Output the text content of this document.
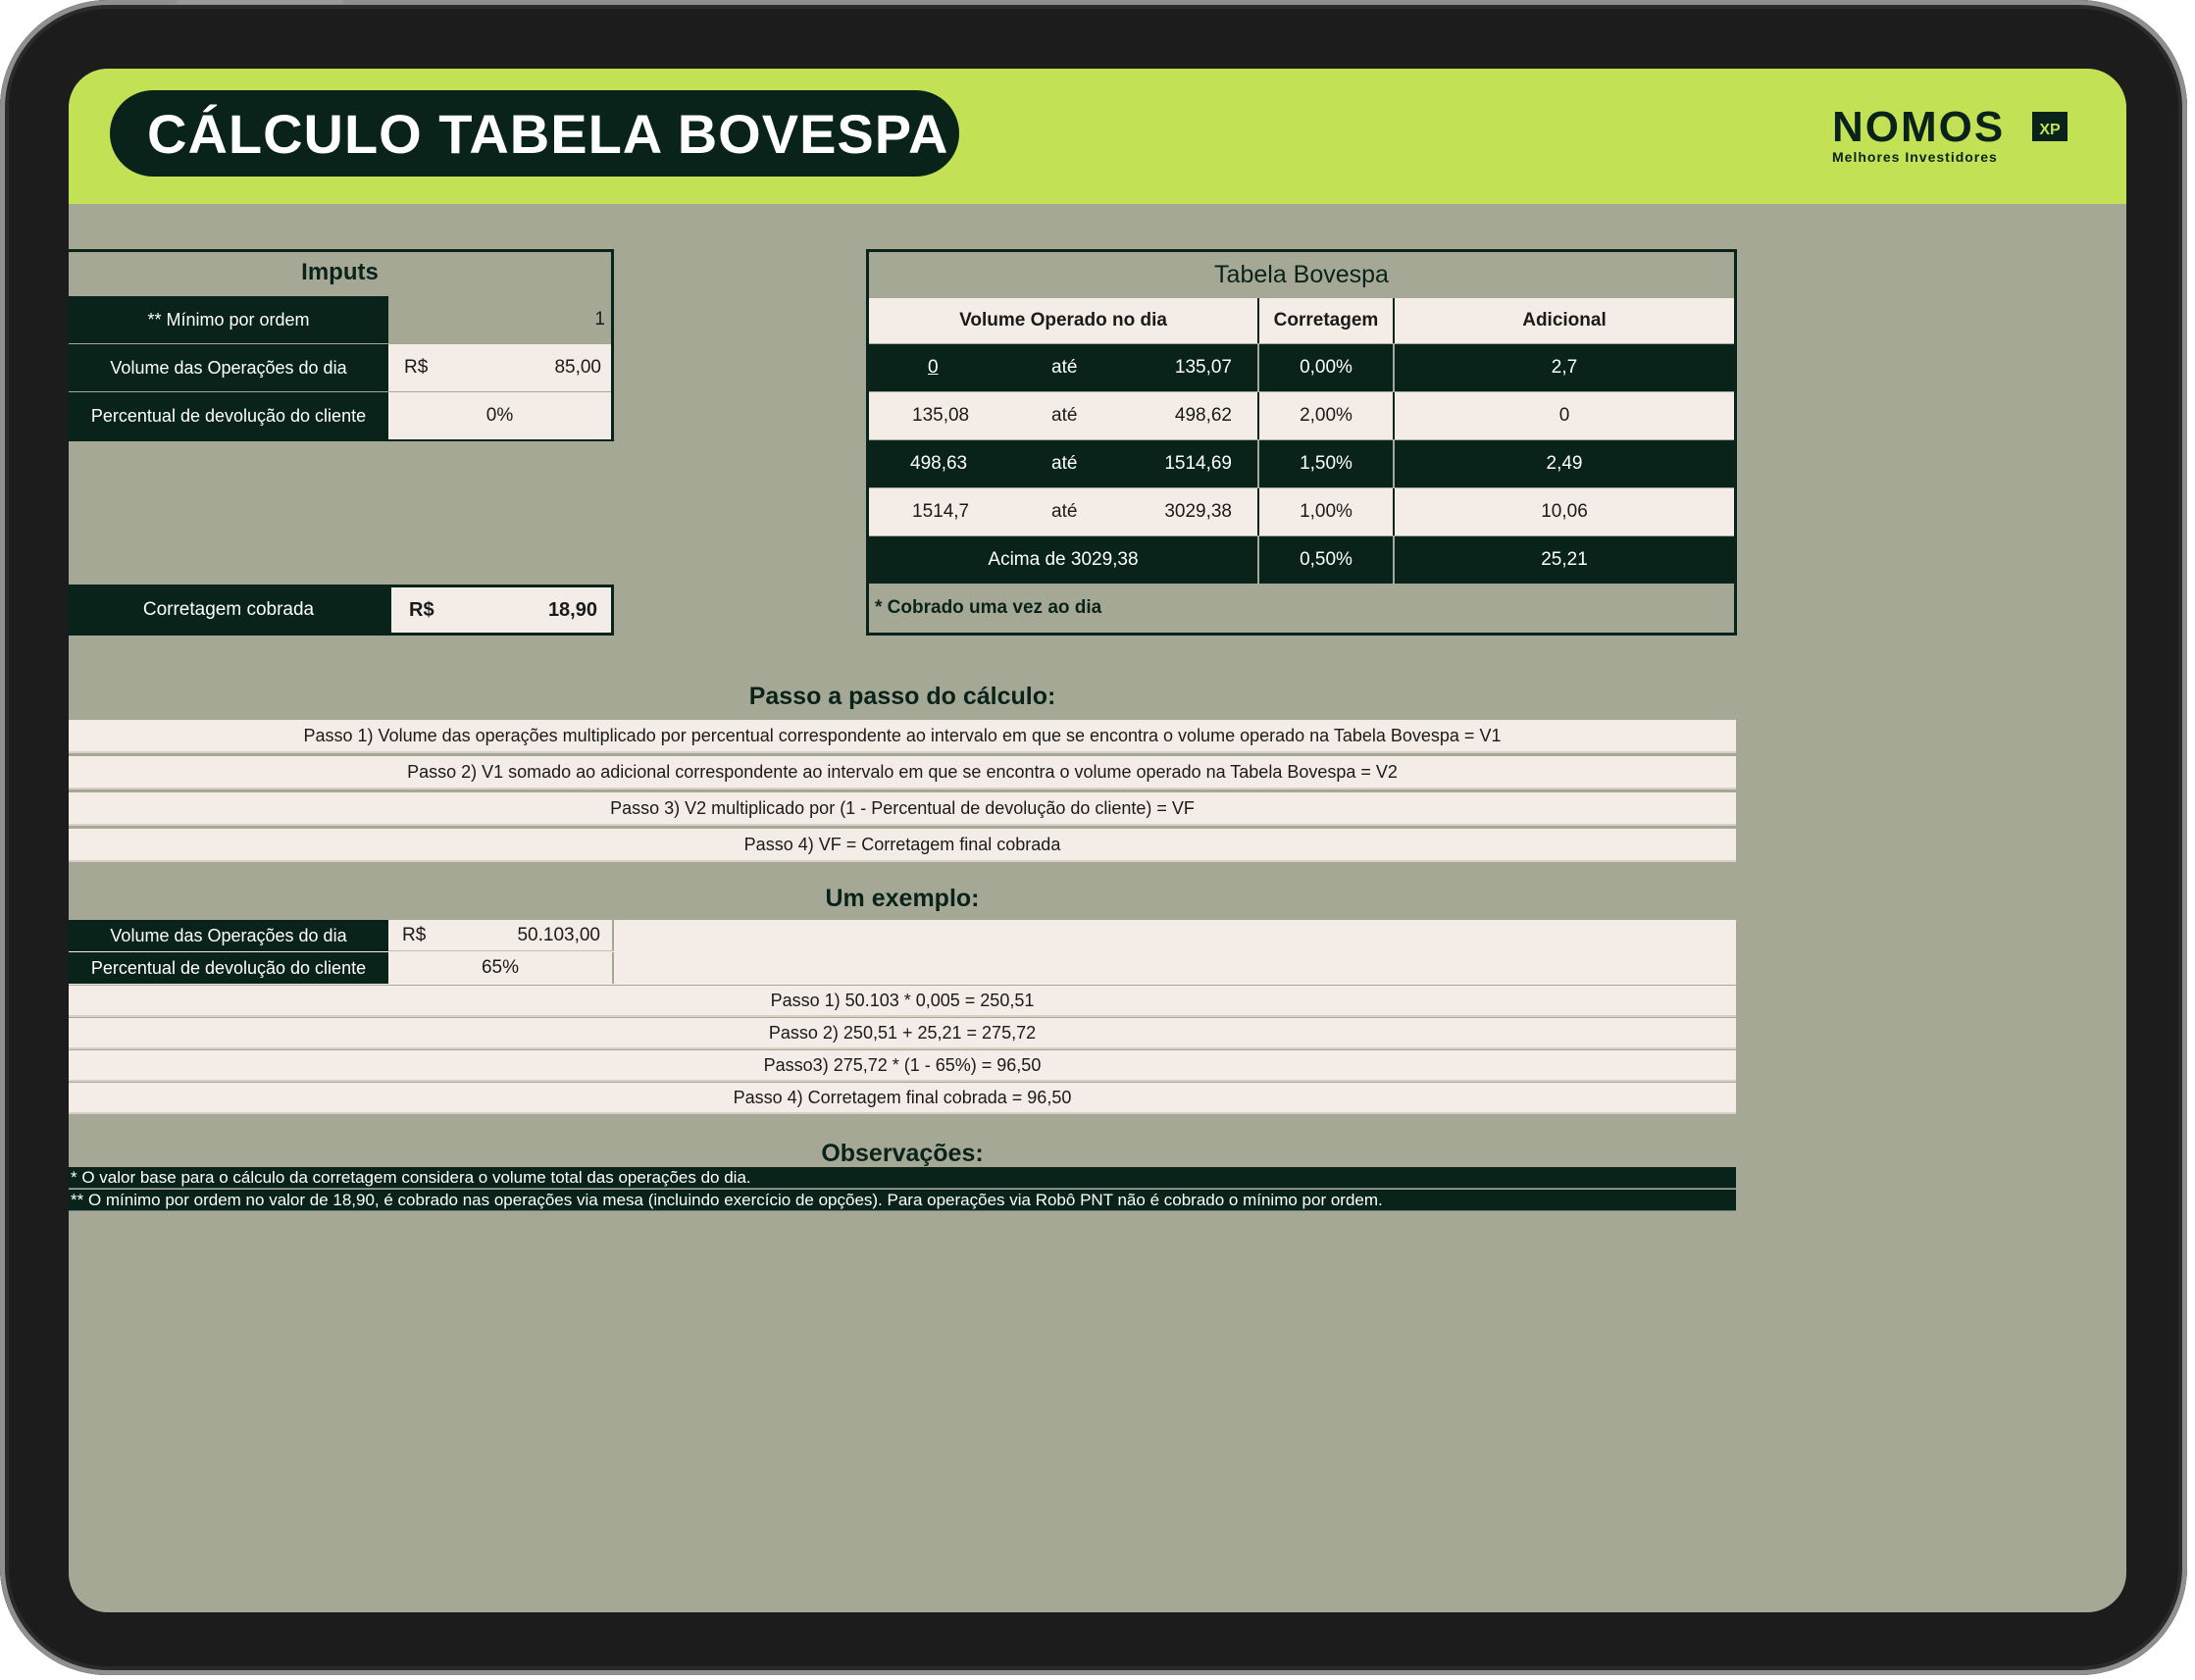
CÁLCULO TABELA BOVESPA	NOMOS	XP
Melhores Investidores
Imputs
** Mínimo por ordem	1
Volume das Operações do dia	R$	85,00
Percentual de devolução do cliente	0%
Corretagem cobrada	R$	18,90
Tabela Bovespa
Volume Operado no dia	Corretagem	Adicional
0	até	135,07	0,00%	2,7
135,08	até	498,62	2,00%	0
498,63	até	1514,69	1,50%	2,49
1514,7	até	3029,38	1,00%	10,06
Acima de 3029,38	0,50%	25,21
* Cobrado uma vez ao dia
Passo a passo do cálculo:
Passo 1) Volume das operações multiplicado por percentual correspondente ao intervalo em que se encontra o volume operado na Tabela Bovespa = V1
Passo 2) V1 somado ao adicional correspondente ao intervalo em que se encontra o volume operado na Tabela Bovespa = V2
Passo 3) V2 multiplicado por (1 - Percentual de devolução do cliente) = VF
Passo 4) VF = Corretagem final cobrada
Um exemplo:
Volume das Operações do dia	R$	50.103,00
Percentual de devolução do cliente	65%
Passo 1) 50.103 * 0,005 = 250,51
Passo 2) 250,51 + 25,21 = 275,72
Passo3) 275,72 * (1 - 65%) = 96,50
Passo 4) Corretagem final cobrada = 96,50
Observações:
* O valor base para o cálculo da corretagem considera o volume total das operações do dia.
** O mínimo por ordem no valor de 18,90, é cobrado nas operações via mesa (incluindo exercício de opções). Para operações via Robô PNT não é cobrado o mínimo por ordem.
